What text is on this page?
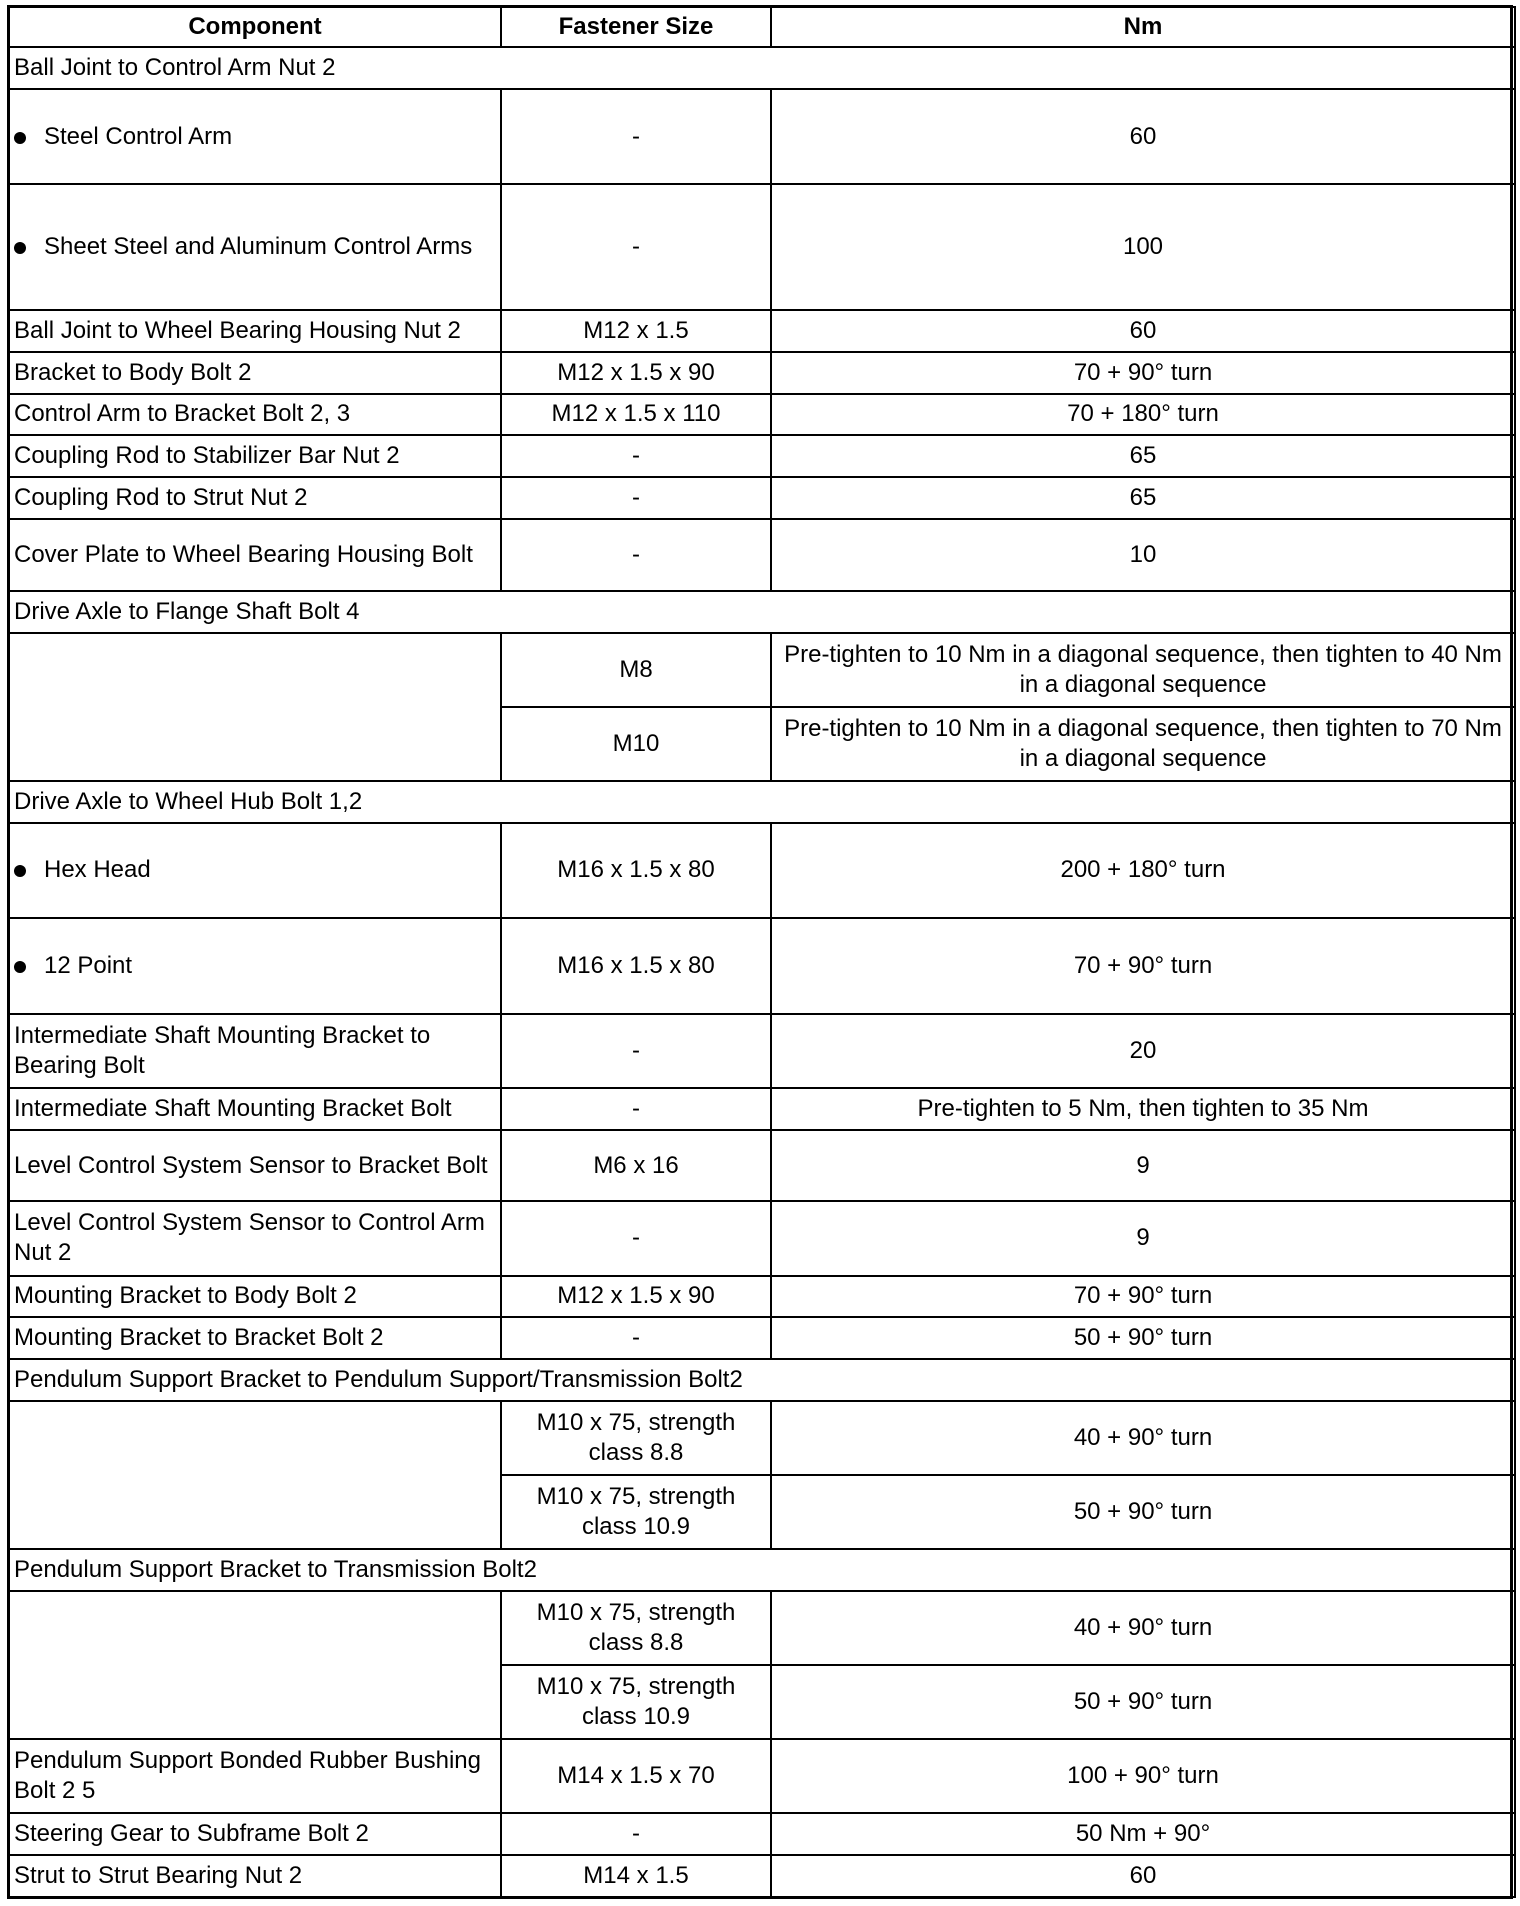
Component	Fastener Size	Nm
Ball Joint to Control Arm Nut 2		

Steel Control Arm	-	60

Sheet Steel and Aluminum Control Arms	-	100
Ball Joint to Wheel Bearing Housing Nut 2	M12 x 1.5	60
Bracket to Body Bolt 2	M12 x 1.5 x 90	70 + 90° turn
Control Arm to Bracket Bolt 2, 3	M12 x 1.5 x 110	70 + 180° turn
Coupling Rod to Stabilizer Bar Nut 2	-	65
Coupling Rod to Strut Nut 2	-	65
Cover Plate to Wheel Bearing Housing Bolt	-	10
Drive Axle to Flange Shaft Bolt 4		
	M8	Pre-tighten to 10 Nm in a diagonal sequence, then tighten to 40 Nm in a diagonal sequence
	M10	Pre-tighten to 10 Nm in a diagonal sequence, then tighten to 70 Nm in a diagonal sequence
Drive Axle to Wheel Hub Bolt 1,2		

Hex Head	M16 x 1.5 x 80	200 + 180° turn

12 Point	M16 x 1.5 x 80	70 + 90° turn
Intermediate Shaft Mounting Bracket to Bearing Bolt	-	20
Intermediate Shaft Mounting Bracket Bolt	-	Pre-tighten to 5 Nm, then tighten to 35 Nm
Level Control System Sensor to Bracket Bolt	M6 x 16	9
Level Control System Sensor to Control Arm Nut 2	-	9
Mounting Bracket to Body Bolt 2	M12 x 1.5 x 90	70 + 90° turn
Mounting Bracket to Bracket Bolt 2	-	50 + 90° turn
Pendulum Support Bracket to Pendulum Support/Transmission Bolt2		
	M10 x 75, strength class 8.8	40 + 90° turn
	M10 x 75, strength class 10.9	50 + 90° turn
Pendulum Support Bracket to Transmission Bolt2		
	M10 x 75, strength class 8.8	40 + 90° turn
	M10 x 75, strength class 10.9	50 + 90° turn
Pendulum Support Bonded Rubber Bushing Bolt 2 5	M14 x 1.5 x 70	100 + 90° turn
Steering Gear to Subframe Bolt 2	-	50 Nm + 90°
Strut to Strut Bearing Nut 2	M14 x 1.5	60
